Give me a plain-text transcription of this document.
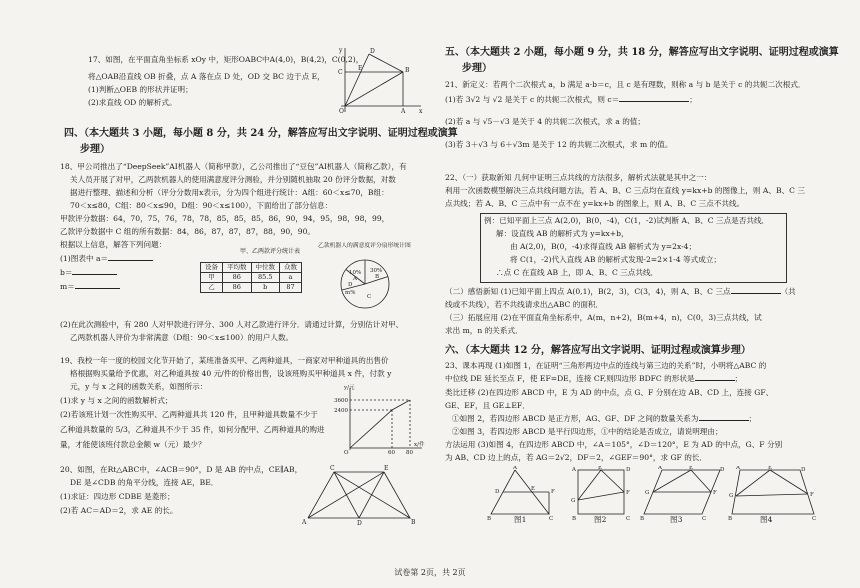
17、如图，在平面直角坐标系 xOy 中，矩形OABC中A(4,0)，B(4,2)，C(0,2)，
将△OAB沿直线 OB 折叠，点 A 落在点 D 处，OD 交 BC 边于点 E，
(1)判断△OEB 的形状并证明；
(2)求直线 OD 的解析式。
y	D
C
E	B
O	A x
四、（本大题共 3 小题，每小题 8 分，共 24 分，解答应写出文字说明、证明过程或演算
步理）
18、甲公司推出了“DeepSeek”AI机器人（简称甲款），乙公司推出了“豆包”AI机器人（简称乙款），有
关人员开展了对甲，乙两款机器人的使用满意度评分测验，并分别随机抽取 20 份评分数据，对数
据进行整理、描述和分析（评分分数用x表示，分为四个组进行统计：A组：60＜x≤70，B组：
70＜x≤80，C组：80＜x≤90，D组：90＜x≤100），下面给出了部分信息：
甲款评分数据：64，70，75，76，78，78，85，85，85，86，90，94，95，98，98，99，
乙款评分数据中 C 组的所有数据：84，86，87，87，87，88，90，90。
根据以上信息，解答下列问题：
(1)图表中 a＝
b＝
m＝
甲、乙两款评分统计表
设备	平均数	中位数	众数
甲	86	85.5	a
乙	86	b	87
乙款机器人的满意度评分扇形统计图
10%
A
30%
B
D
m%
C
(2)在此次测验中，有 280 人对甲款进行评分、300 人对乙款进行评分．请通过计算，分别估计对甲、
乙两款机器人评价为非常满意（D组：90＜x≤100）的用户人数。
19、我校一年一度的校园文化节开始了，某班准备买甲、乙两种道具，一商家对甲种道具的出售价
格根据购买量给予优惠，对乙种道具按 40 元/件的价格出售，设该班购买甲种道具 x 件，付款 y
元，y 与 x 之间的函数关系，如图所示：
(1)求 y 与 x 之间的函数解析式；
(2)若该班计划一次性购买甲、乙两种道具共 120 件，且甲种道具数量不少于
乙种道具数量的 5/3，乙种道具不少于 35 件，如何分配甲、乙两种道具的购进
量，才能使该班付款总金额 w（元）最少？
y/元
3600
2400
O	60 80
x/件
20、如图，在Rt△ABC中，∠ACB＝90°，D 是 AB 的中点，CE∥AB，
DE 是∠CDB 的角平分线，连接 AE，BE．
(1)求证：四边形 CDBE 是菱形；
(2)若 AC＝AD＝2，求 AE 的长。
C	E
A	D	B
五、（本大题共 2 小题，每小题 9 分，共 18 分，解答应写出文字说明、证明过程或演算
步理）
21、新定义：若两个二次根式 a，b 满足 a·b＝c，且 c 是有理数，则称 a 与 b 是关于 c 的共轭二次根式．
(1)若 3√2 与 √2 是关于 c 的共轭二次根式，则 c＝	；
(2)若 a 与 √5－√3 是关于 4 的共轭二次根式，求 a 的值；
(3)若 3＋√3 与 6＋√3m 是关于 12 的共轭二次根式，求 m 的值。
22、（一）获取新知 几何中证明三点共线的方法很多，解析式法就是其中之一：
利用一次函数模型解决三点共线问题方法，若 A、B、C 三点均在直线 y=kx+b 的图像上，则 A、B、C 三
点共线；若 A、B、C 三点中有一点不在 y=kx+b 的图象上，则 A、B、C 三点不共线。
例：已知平面上三点 A(2,0)，B(0，-4)，C(1，-2)试判断 A、B、C 三点是否共线．
解：设直线 AB 的解析式为 y=kx+b，
由 A(2,0)，B(0，-4)求得直线 AB 解析式为 y=2x-4；
将 C(1，-2)代入直线 AB 的解析式发现-2=2×1-4 等式成立；
∴点 C 在直线 AB 上，即 A、B、C 三点共线．
（二）感悟新知 (1)已知平面上四点 A(0,1)，B(2，3)，C(3，4)，则 A、B、C 三点	（共
线或不共线），若不共线请求出△ABC 的面积．
（三）拓展应用 (2)在平面直角坐标系中，A(m，n+2)，B(m+4，n)，C(0，3)三点共线，试
求出 m，n 的关系式．
六、（本大题共 12 分，解答应写出文字说明、证明过程或演算步理）
23、课本再现 (1)如图 1，在证明“三角形两边中点的连线与第三边的关系”时，小明将△ABC 的
中位线 DE 延长至点 F，使 EF=DE，连接 CF,则四边形 BDFC 的形状是	；
类比迁移 (2)在四边形 ABCD 中，E 为 AD 的中点，点 G、F 分别在边 AB、CD 上，连接 GF、
GE、EF，且 GE⊥EF．
①如图 2，若四边形 ABCD 是正方形，AG、GF、DF 之间的数量关系为	；
②如图 3，若四边形 ABCD 是平行四边形，①中的结论是否成立，请说明理由；
方法运用 (3)如图 4，在四边形 ABCD 中，∠A＝105°，∠D＝120°，E 为 AD 的中点，G、F 分别
为 AB、CD 边上的点，若 AG＝2√2，DF＝2，∠GEF＝90°，求 GF 的长．
A
D	E	F
B	C
图1
A	E	D
F
G
B	C
图2
A	E	D
F
G
B	C
图3
A	E	D
F
G
B	C
图4
试卷第 2页，共 2页
